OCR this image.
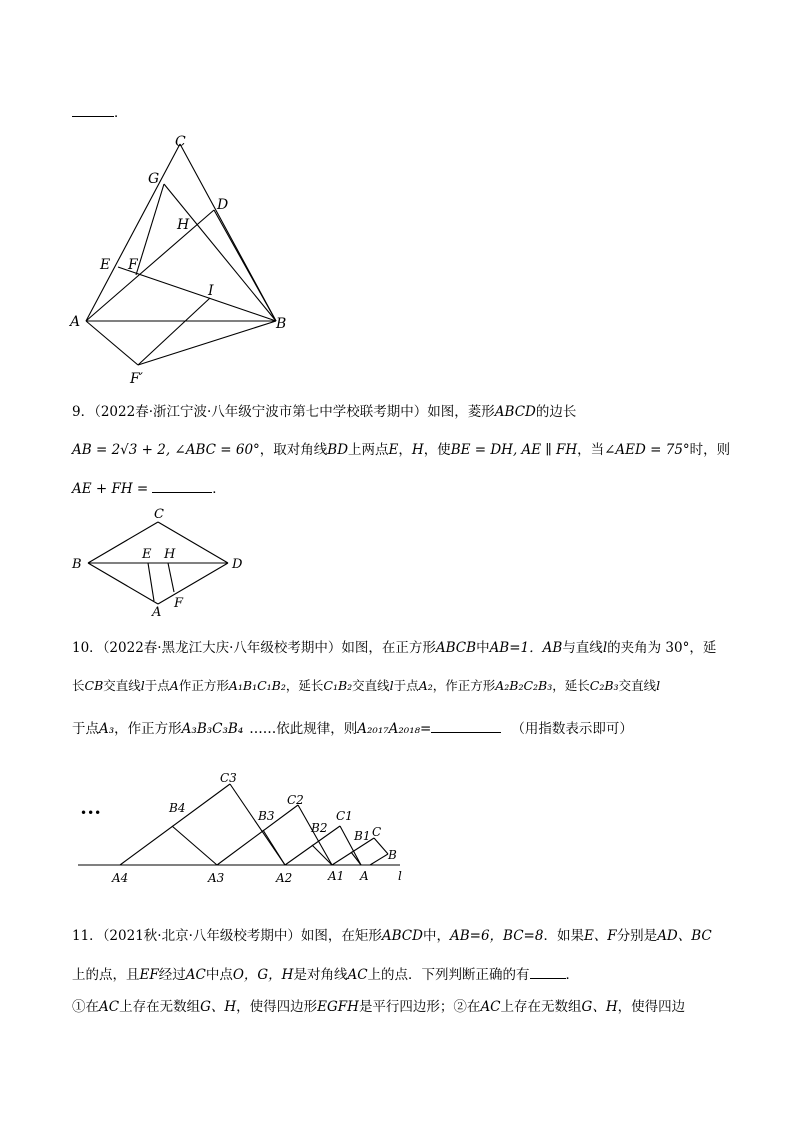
．
C
G
D
H
E F
I
A	B
F′
9．（2022春·浙江宁波·八年级宁波市第七中学校联考期中）如图，菱形ABCD的边长
AB = 2√3 + 2, ∠ABC = 60°，取对角线BD上两点E，H，使BE = DH, AE ∥ FH，当∠AED = 75°时，则
AE + FH =	．
C
B
E H
D
A
F
10．（2022春·黑龙江大庆·八年级校考期中）如图，在正方形ABCB中AB=1．AB与直线l的夹角为 30°，延
长CB交直线l于点A作正方形A₁B₁C₁B₂，延长C₁B₂交直线l于点A₂，作正方形A₂B₂C₂B₃，延长C₂B₃交直线l
于点A₃，作正方形A₃B₃C₃B₄ ……依此规律，则A₂₀₁₇A₂₀₁₈=	（用指数表示即可）
•••
C3
B4
B3
C2
B2
C1
B1 C
B
A4	A3	A2	A1 A l
11．（2021秋·北京·八年级校考期中）如图，在矩形ABCD中，AB=6，BC=8．如果E、F分别是AD、BC
上的点，且EF经过AC中点O，G，H是对角线AC上的点．下列判断正确的有	．
①在AC上存在无数组G、H，使得四边形EGFH是平行四边形；②在AC上存在无数组G、H，使得四边
